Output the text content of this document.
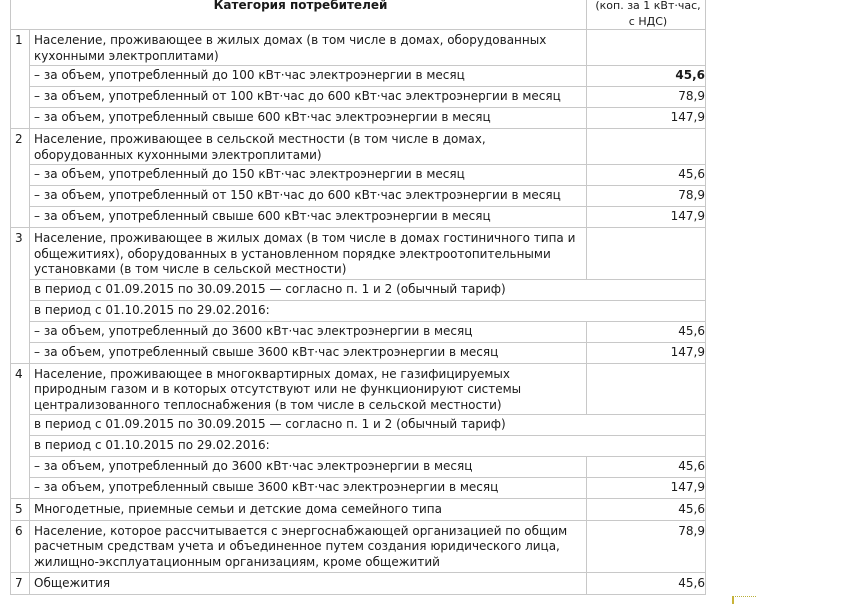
Категория потребителей		(коп. за 1 кВт·час,
с НДС)
1	Население, проживающее в жилых домах (в том числе в домах, оборудованных кухонными электроплитами)	
	– за объем, употребленный до 100 кВт·час электроэнергии в месяц	45,6
	– за объем, употребленный от 100 кВт·час до 600 кВт·час электроэнергии в месяц	78,9
	– за объем, употребленный свыше 600 кВт·час электроэнергии в месяц	147,9
2	Население, проживающее в сельской местности (в том числе в домах, оборудованных кухонными электроплитами)	
	– за объем, употребленный до 150 кВт·час электроэнергии в месяц	45,6
	– за объем, употребленный от 150 кВт·час до 600 кВт·час электроэнергии в месяц	78,9
	– за объем, употребленный свыше 600 кВт·час электроэнергии в месяц	147,9
3	Население, проживающее в жилых домах (в том числе в домах гостиничного типа и общежитиях), оборудованных в установленном порядке электроотопительными установками (в том числе в сельской местности)	
	в период с 01.09.2015 по 30.09.2015 — согласно п. 1 и 2 (обычный тариф)	
	в период с 01.10.2015 по 29.02.2016:	
	– за объем, употребленный до 3600 кВт·час электроэнергии в месяц	45,6
	– за объем, употребленный свыше 3600 кВт·час электроэнергии в месяц	147,9
4	Население, проживающее в многоквартирных домах, не газифицируемых природным газом и в которых отсутствуют или не функционируют системы централизованного теплоснабжения (в том числе в сельской местности)	
	в период с 01.09.2015 по 30.09.2015 — согласно п. 1 и 2 (обычный тариф)	
	в период с 01.10.2015 по 29.02.2016:	
	– за объем, употребленный до 3600 кВт·час электроэнергии в месяц	45,6
	– за объем, употребленный свыше 3600 кВт·час электроэнергии в месяц	147,9
5	Многодетные, приемные семьи и детские дома семейного типа	45,6
6	Население, которое рассчитывается с энергоснабжающей организацией по общим расчетным средствам учета и объединенное путем создания юридического лица, жилищно-эксплуатационным организациям, кроме общежитий	78,9
7	Общежития	45,6
